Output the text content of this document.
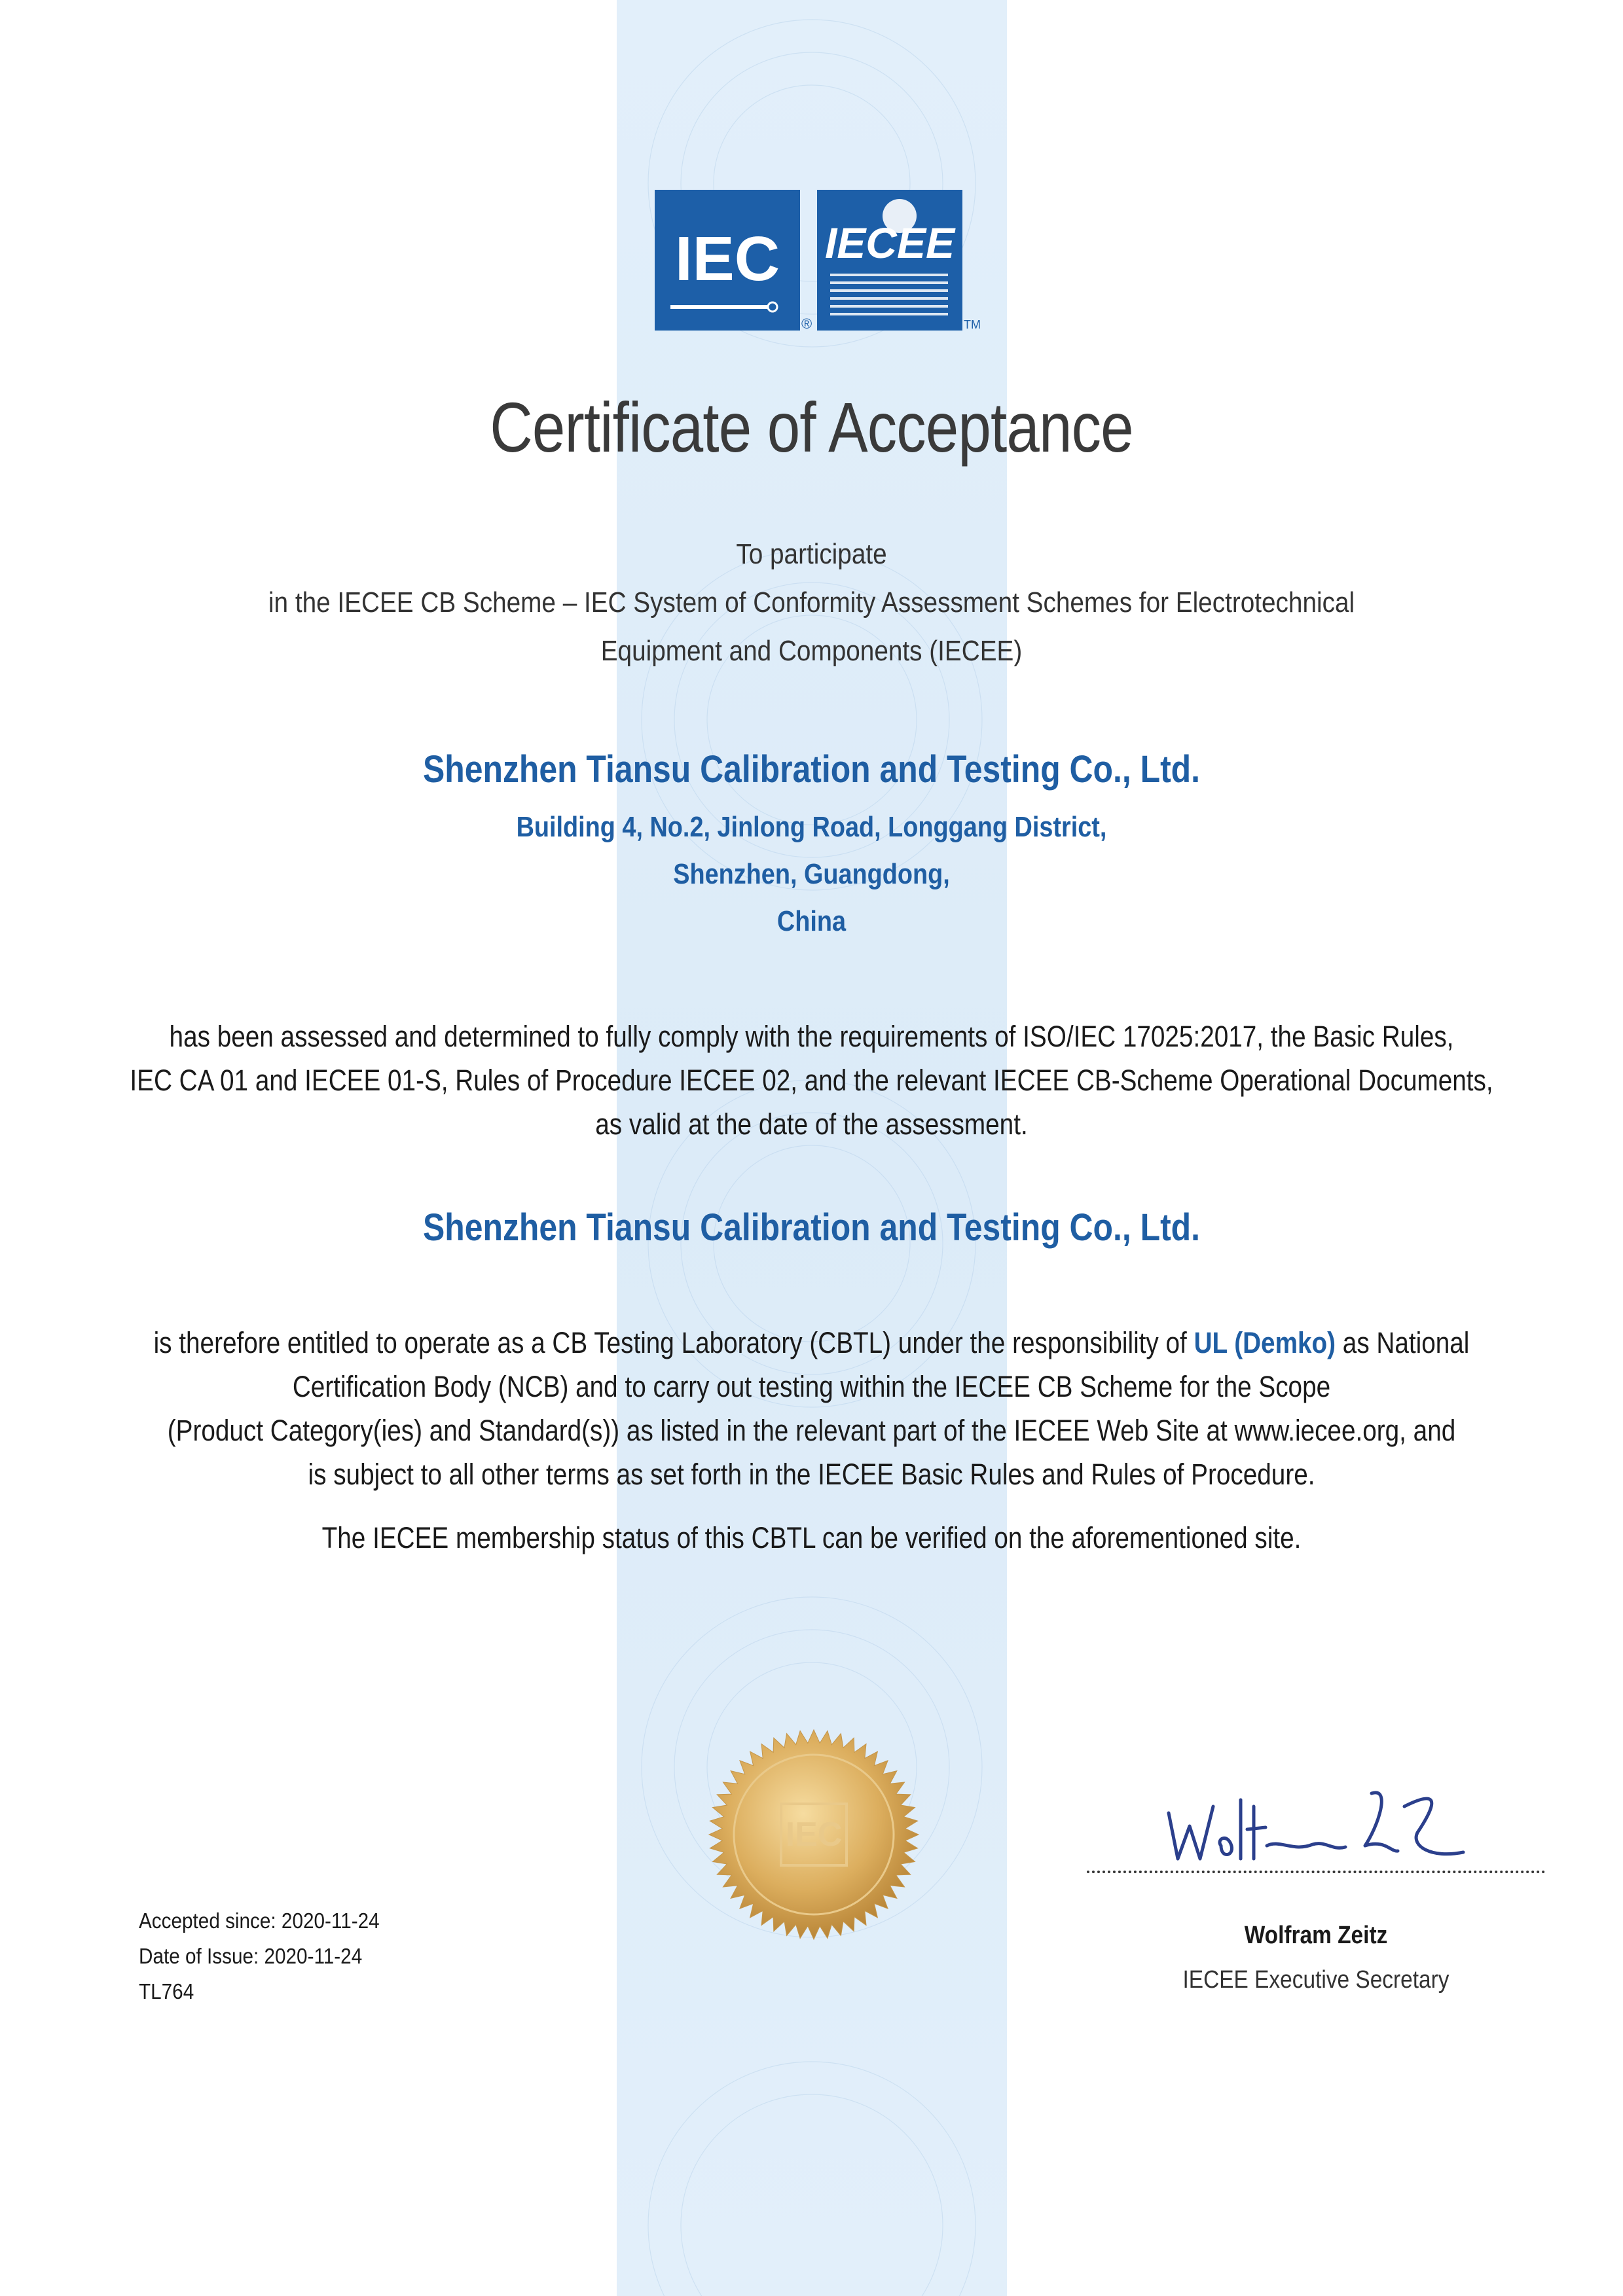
IEC
®
IECEE
TM
Certificate of Acceptance
To participate
in the IECEE CB Scheme – IEC System of Conformity Assessment Schemes for Electrotechnical
Equipment and Components (IECEE)
Shenzhen Tiansu Calibration and Testing Co., Ltd.
Building 4, No.2, Jinlong Road, Longgang District,
Shenzhen, Guangdong,
China
has been assessed and determined to fully comply with the requirements of ISO/IEC 17025:2017, the Basic Rules,
IEC CA 01 and IECEE 01-S, Rules of Procedure IECEE 02, and the relevant IECEE CB-Scheme Operational Documents,
as valid at the date of the assessment.
Shenzhen Tiansu Calibration and Testing Co., Ltd.
is therefore entitled to operate as a CB Testing Laboratory (CBTL) under the responsibility of UL (Demko) as National
Certification Body (NCB) and to carry out testing within the IECEE CB Scheme for the Scope
(Product Category(ies) and Standard(s)) as listed in the relevant part of the IECEE Web Site at www.iecee.org, and
is subject to all other terms as set forth in the IECEE Basic Rules and Rules of Procedure.
The IECEE membership status of this CBTL can be verified on the aforementioned site.
IEC
Accepted since: 2020-11-24
Date of Issue: 2020-11-24
TL764
Wolfram Zeitz
IECEE Executive Secretary
